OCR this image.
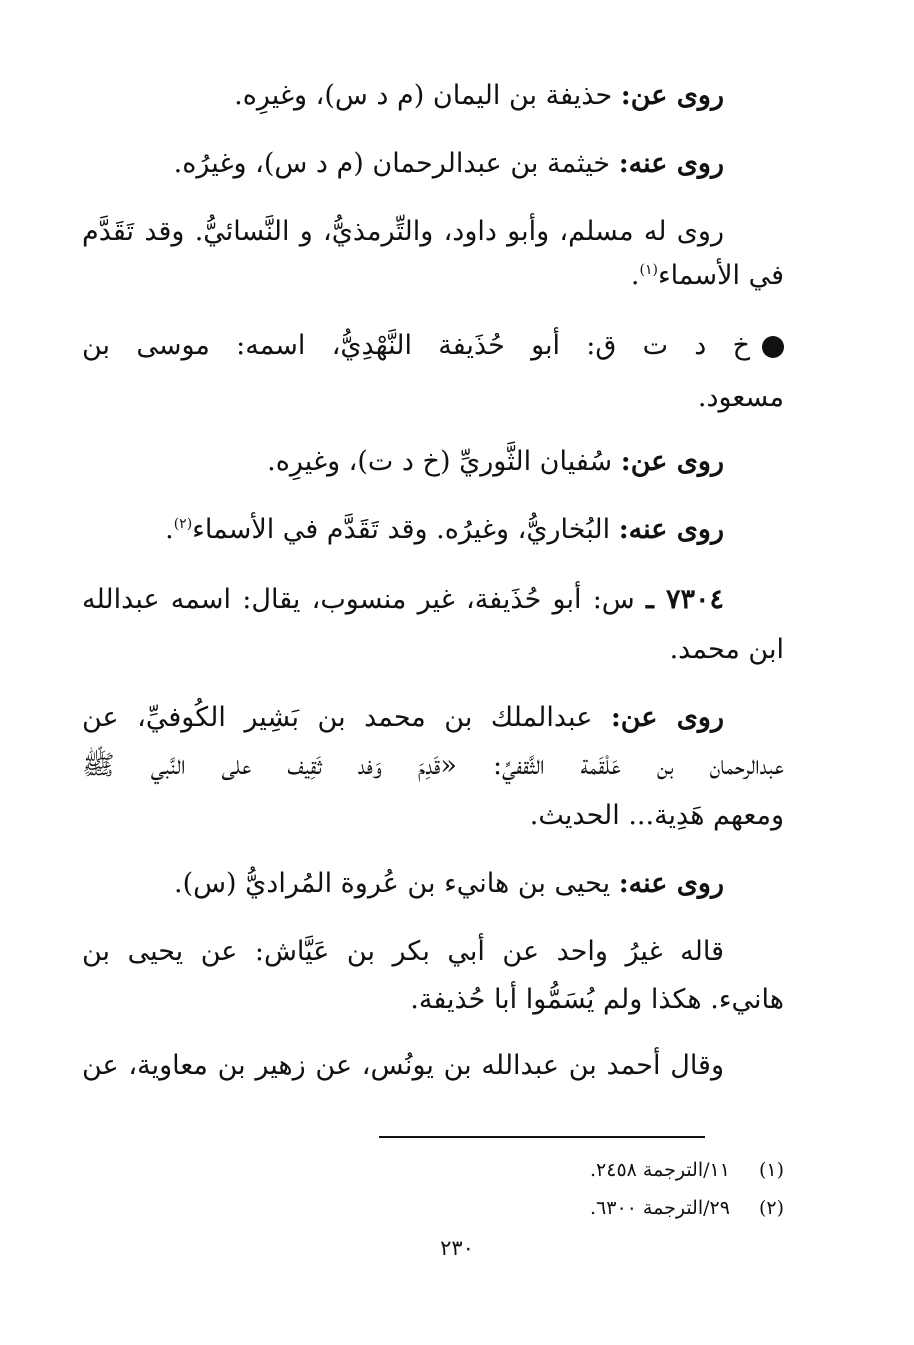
روى عن: حذيفة بن اليمان (م د س)، وغيرِه.
روى عنه: خيثمة بن عبدالرحمان (م د س)، وغيرُه.
روى له مسلم، وأبو داود، والتِّرمذيُّ، و النَّسائيُّ. وقد تَقَدَّم
في الأسماء$^{(١)}$.
خ د ت ق: أبو حُذَيفة النَّهْدِيُّ، اسمه: موسى بن
مسعود.
روى عن: سُفيان الثَّوريِّ (خ د ت)، وغيرِه.
روى عنه: البُخاريُّ، وغيرُه. وقد تَقَدَّم في الأسماء$^{(٢)}$.
٧٣٠٤ ـ س: أبو حُذَيفة، غير منسوب، يقال: اسمه عبدالله
ابن محمد.
روى عن: عبدالملك بن محمد بن بَشِير الكُوفيِّ، عن
عبدالرحمان بن عَلْقَمة الثَّقفيِّ: «قَدِمَ وَفد ثَقِيف على النَّبي ﷺ
ومعهم هَدِية... الحديث.
روى عنه: يحيى بن هانيء بن عُروة المُراديُّ (س).
قاله غيرُ واحد عن أبي بكر بن عَيَّاش: عن يحيى بن
هانيء. هكذا ولم يُسَمُّوا أبا حُذيفة.
وقال أحمد بن عبدالله بن يونُس، عن زهير بن معاوية، عن
(١) ١١/الترجمة ٢٤٥٨.
(٢) ٢٩/الترجمة ٦٣٠٠.
٢٣٠
